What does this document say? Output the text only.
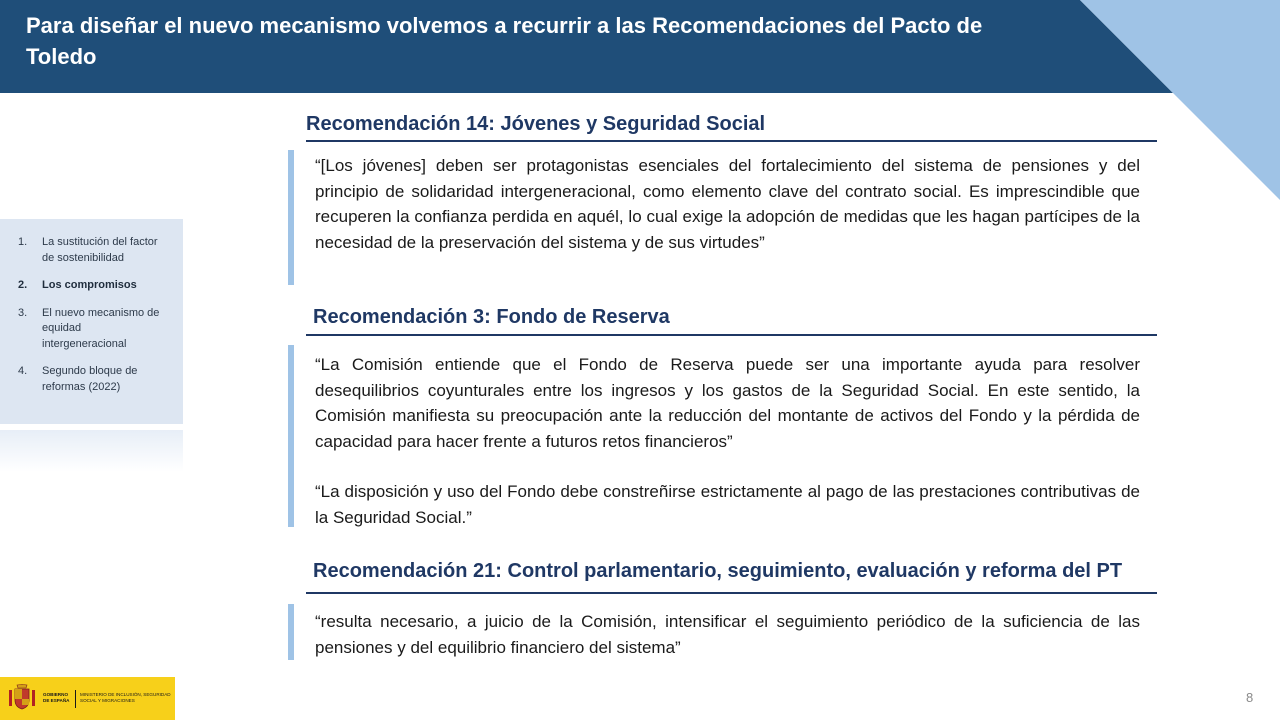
Para diseñar el nuevo mecanismo volvemos a recurrir a las Recomendaciones del Pacto de Toledo
1. La sustitución del factor de sostenibilidad
2. Los compromisos
3. El nuevo mecanismo de equidad intergeneracional
4. Segundo bloque de reformas (2022)
Recomendación 14: Jóvenes y Seguridad Social

“[Los jóvenes] deben ser protagonistas esenciales del fortalecimiento del sistema de pensiones y del principio de solidaridad intergeneracional, como elemento clave del contrato social. Es imprescindible que recuperen la confianza perdida en aquél, lo cual exige la adopción de medidas que les hagan partícipes de la necesidad de la preservación del sistema y de sus virtudes”

Recomendación 3: Fondo de Reserva

“La Comisión entiende que el Fondo de Reserva puede ser una importante ayuda para resolver desequilibrios coyunturales entre los ingresos y los gastos de la Seguridad Social. En este sentido, la Comisión manifiesta su preocupación ante la reducción del montante de activos del Fondo y la pérdida de capacidad para hacer frente a futuros retos financieros”

“La disposición y uso del Fondo debe constreñirse estrictamente al pago de las prestaciones contributivas de la Seguridad Social.”

Recomendación 21: Control parlamentario, seguimiento, evaluación y reforma del PT

“resulta necesario, a juicio de la Comisión, intensificar el seguimiento periódico de la suficiencia de las pensiones y del equilibrio financiero del sistema”

GOBIERNO DE ESPAÑA
MINISTERIO DE INCLUSIÓN, SEGURIDAD SOCIAL Y MIGRACIONES	8
